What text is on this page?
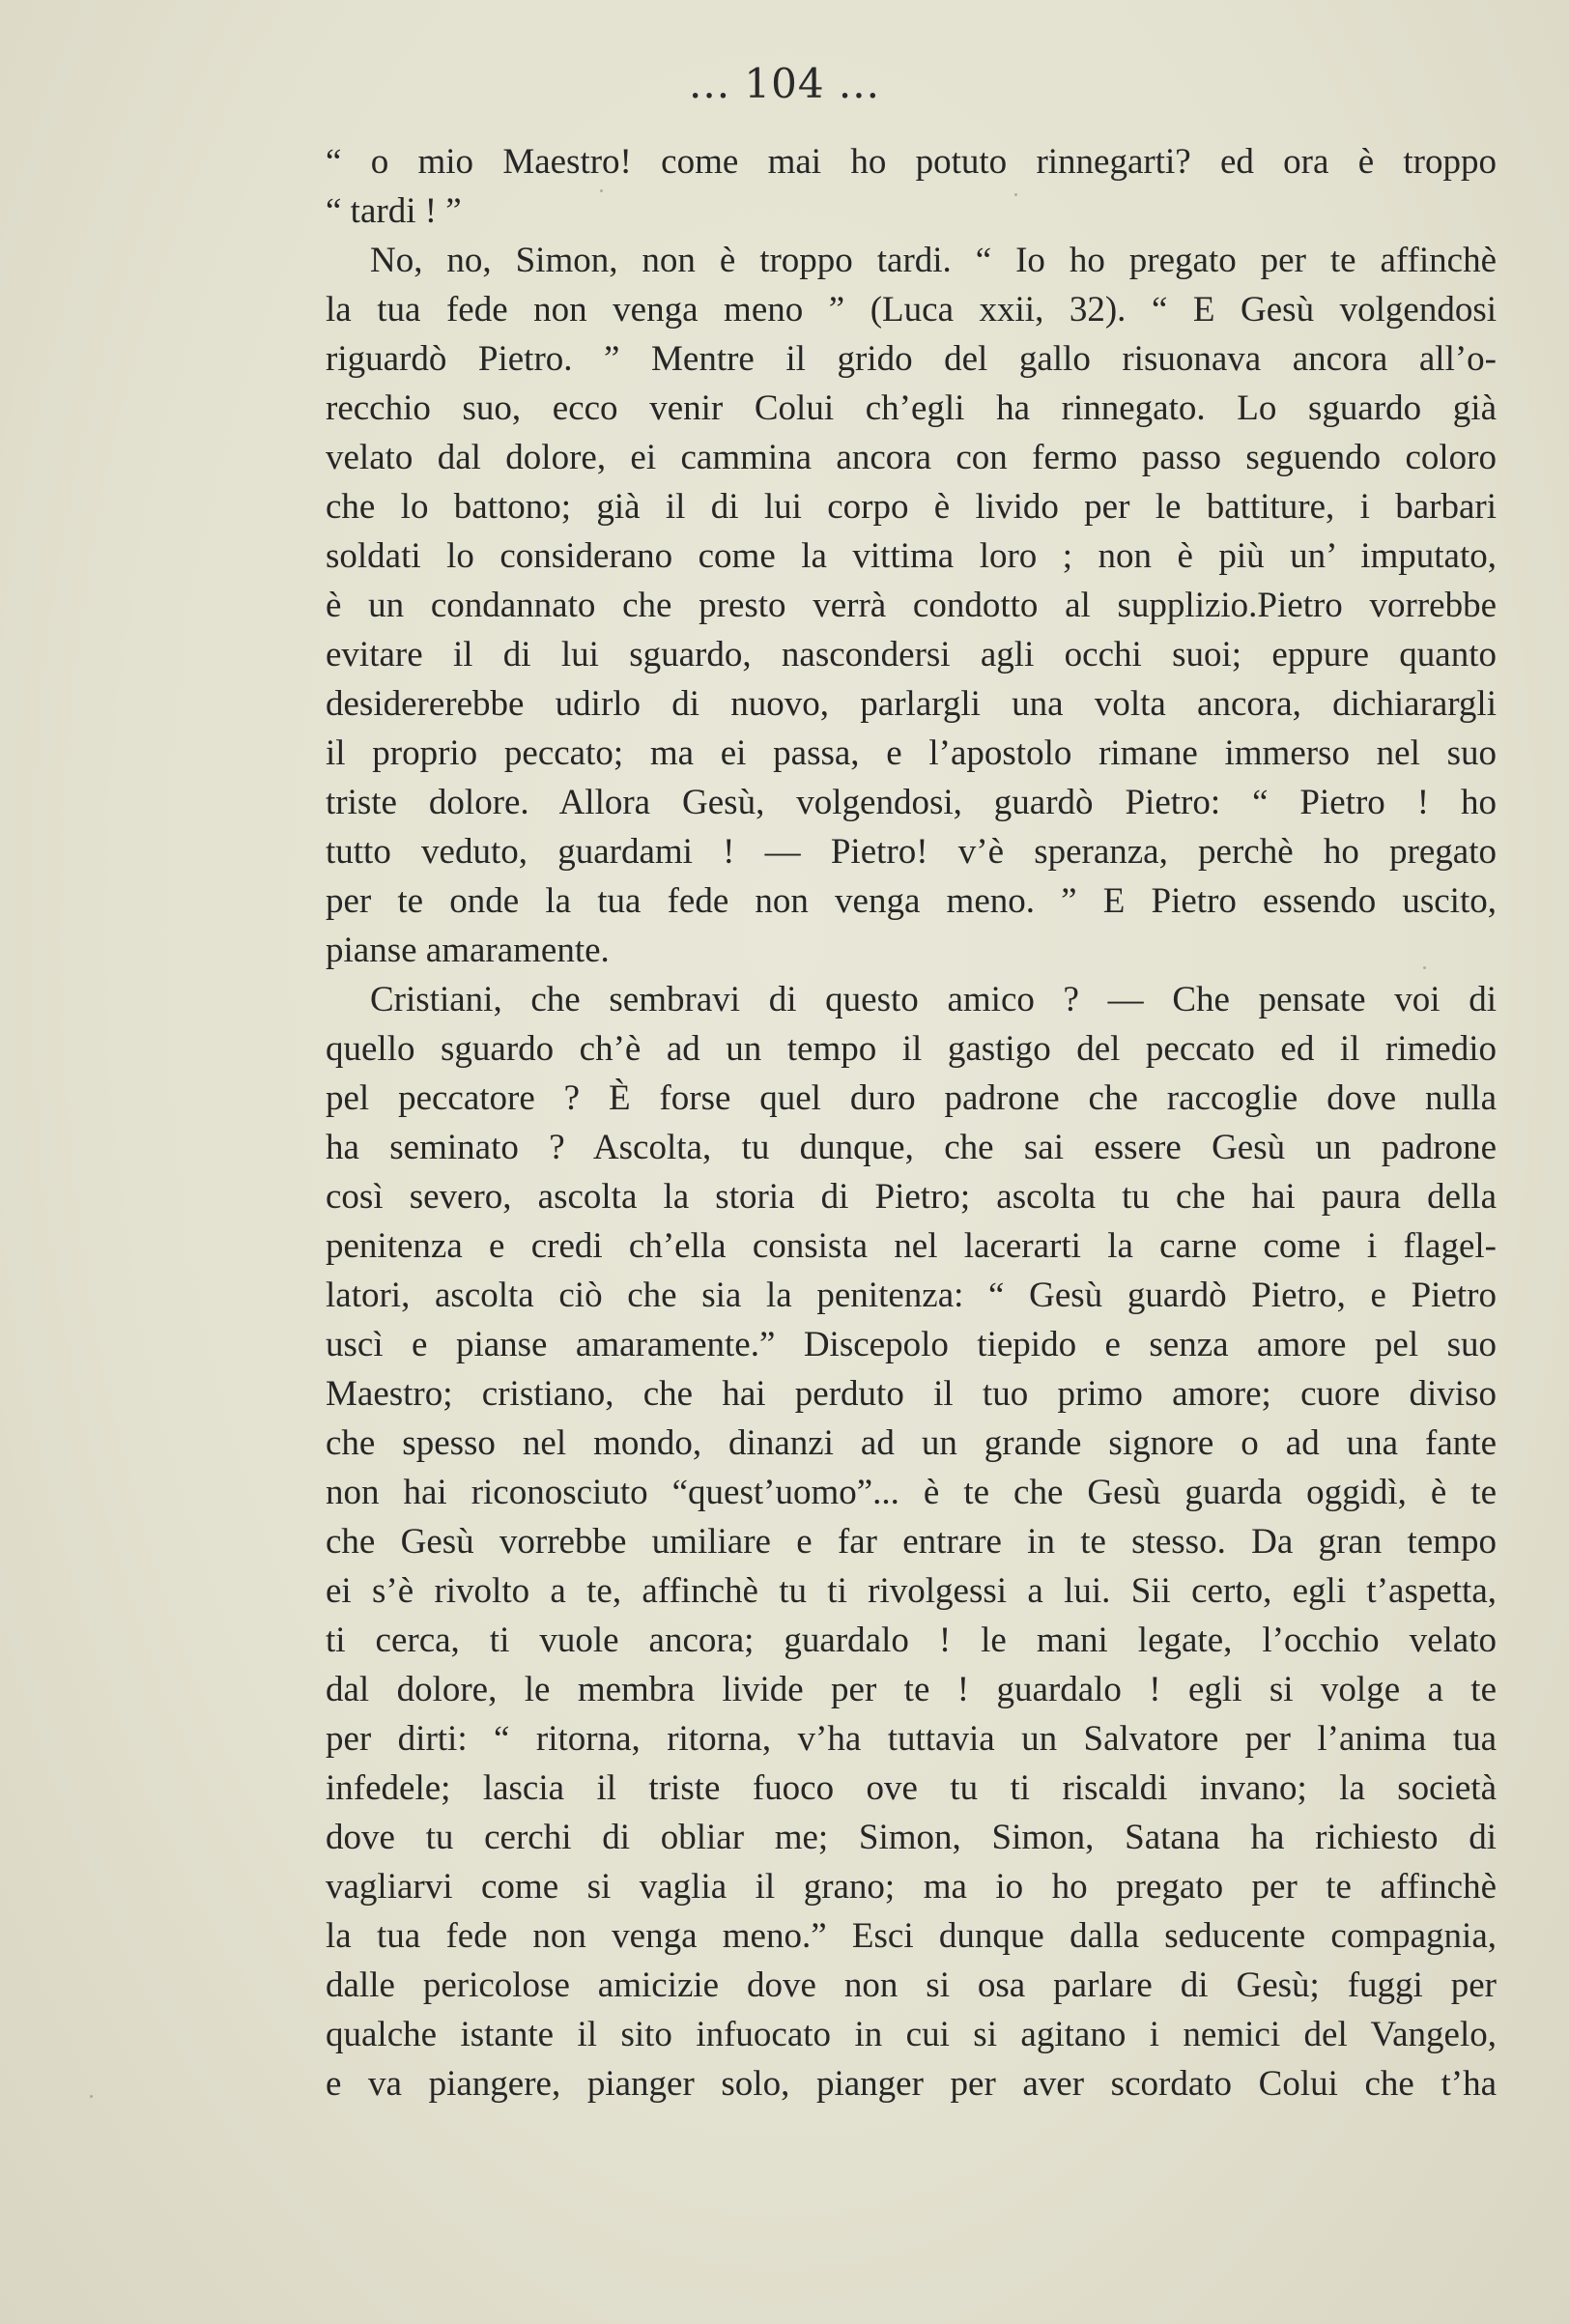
... 104 ...
“ o mio Maestro! come mai ho potuto rinnegarti? ed ora è troppo
“ tardi ! ”
No, no, Simon, non è troppo tardi. “ Io ho pregato per te affinchè
la tua fede non venga meno ” (Luca xxii, 32). “ E Gesù volgendosi
riguardò Pietro. ” Mentre il grido del gallo risuonava ancora all’o-
recchio suo, ecco venir Colui ch’egli ha rinnegato. Lo sguardo già
velato dal dolore, ei cammina ancora con fermo passo seguendo coloro
che lo battono; già il di lui corpo è livido per le battiture, i barbari
soldati lo considerano come la vittima loro ; non è più un’ imputato,
è un condannato che presto verrà condotto al supplizio.Pietro vorrebbe
evitare il di lui sguardo, nascondersi agli occhi suoi; eppure quanto
desidererebbe udirlo di nuovo, parlargli una volta ancora, dichiarargli
il proprio peccato; ma ei passa, e l’apostolo rimane immerso nel suo
triste dolore. Allora Gesù, volgendosi, guardò Pietro: “ Pietro ! ho
tutto veduto, guardami ! — Pietro! v’è speranza, perchè ho pregato
per te onde la tua fede non venga meno. ” E Pietro essendo uscito,
pianse amaramente.
Cristiani, che sembravi di questo amico ? — Che pensate voi di
quello sguardo ch’è ad un tempo il gastigo del peccato ed il rimedio
pel peccatore ? È forse quel duro padrone che raccoglie dove nulla
ha seminato ? Ascolta, tu dunque, che sai essere Gesù un padrone
così severo, ascolta la storia di Pietro; ascolta tu che hai paura della
penitenza e credi ch’ella consista nel lacerarti la carne come i flagel-
latori, ascolta ciò che sia la penitenza: “ Gesù guardò Pietro, e Pietro
uscì e pianse amaramente.” Discepolo tiepido e senza amore pel suo
Maestro; cristiano, che hai perduto il tuo primo amore; cuore diviso
che spesso nel mondo, dinanzi ad un grande signore o ad una fante
non hai riconosciuto “quest’uomo”... è te che Gesù guarda oggidì, è te
che Gesù vorrebbe umiliare e far entrare in te stesso. Da gran tempo
ei s’è rivolto a te, affinchè tu ti rivolgessi a lui. Sii certo, egli t’aspetta,
ti cerca, ti vuole ancora; guardalo ! le mani legate, l’occhio velato
dal dolore, le membra livide per te ! guardalo ! egli si volge a te
per dirti: “ ritorna, ritorna, v’ha tuttavia un Salvatore per l’anima tua
infedele; lascia il triste fuoco ove tu ti riscaldi invano; la società
dove tu cerchi di obliar me; Simon, Simon, Satana ha richiesto di
vagliarvi come si vaglia il grano; ma io ho pregato per te affinchè
la tua fede non venga meno.” Esci dunque dalla seducente compagnia,
dalle pericolose amicizie dove non si osa parlare di Gesù; fuggi per
qualche istante il sito infuocato in cui si agitano i nemici del Vangelo,
e va piangere, pianger solo, pianger per aver scordato Colui che t’ha
